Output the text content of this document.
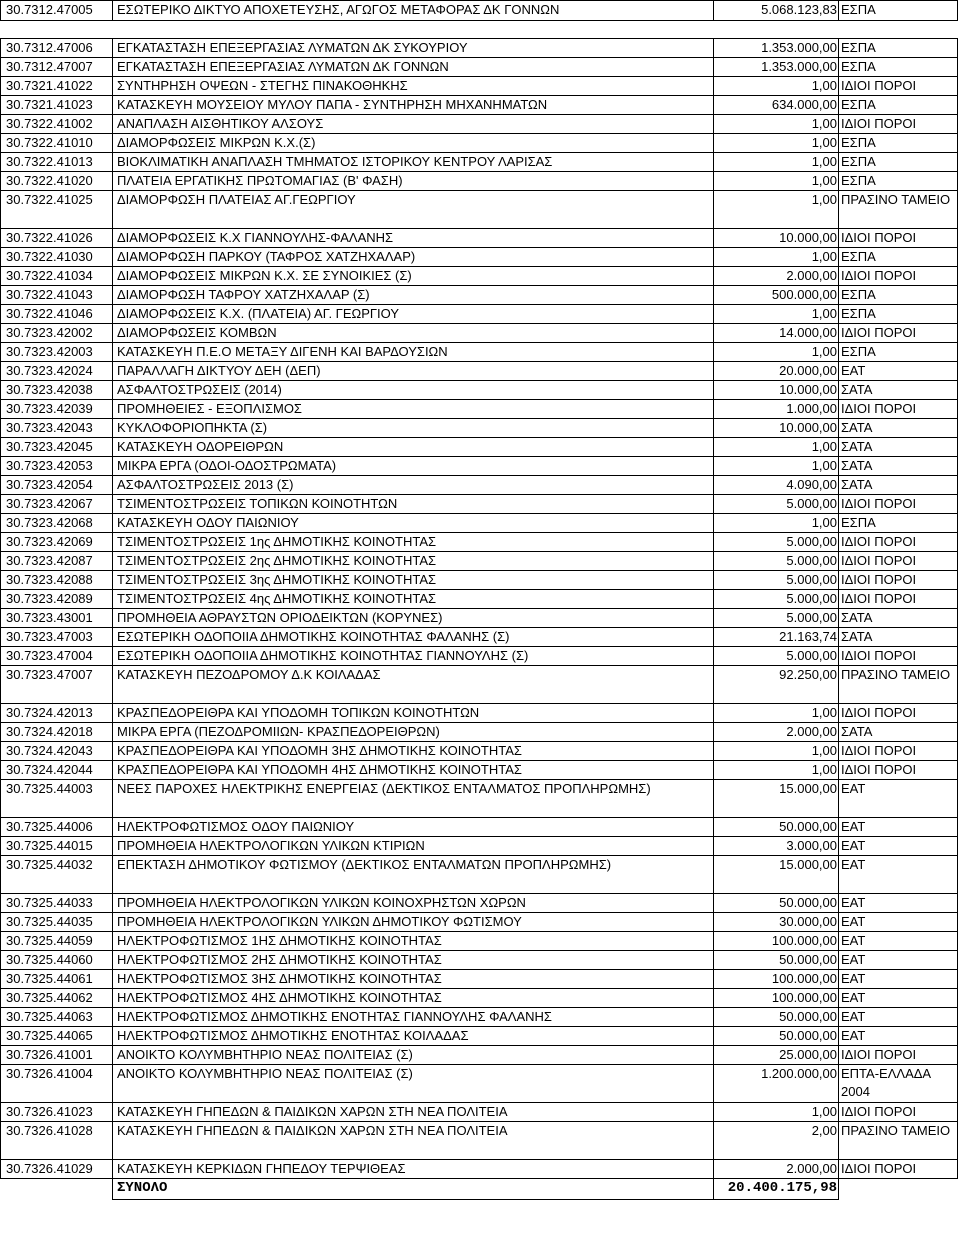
30.7312.47005	ΕΣΩΤΕΡΙΚΟ ΔΙΚΤΥΟ ΑΠΟΧΕΤΕΥΣΗΣ, ΑΓΩΓΟΣ ΜΕΤΑΦΟΡΑΣ ΔΚ ΓΟΝΝΩΝ	5.068.123,83	ΕΣΠΑ
30.7312.47006	ΕΓΚΑΤΑΣΤΑΣΗ ΕΠΕΞΕΡΓΑΣΙΑΣ ΛΥΜΑΤΩΝ ΔΚ ΣΥΚΟΥΡΙΟΥ	1.353.000,00	ΕΣΠΑ
30.7312.47007	ΕΓΚΑΤΑΣΤΑΣΗ ΕΠΕΞΕΡΓΑΣΙΑΣ ΛΥΜΑΤΩΝ ΔΚ ΓΟΝΝΩΝ	1.353.000,00	ΕΣΠΑ
30.7321.41022	ΣΥΝΤΗΡΗΣΗ ΟΨΕΩΝ - ΣΤΕΓΗΣ ΠΙΝΑΚΟΘΗΚΗΣ	1,00	ΙΔΙΟΙ ΠΟΡΟΙ
30.7321.41023	ΚΑΤΑΣΚΕΥΗ ΜΟΥΣΕΙΟΥ ΜΥΛΟΥ ΠΑΠΑ - ΣΥΝΤΗΡΗΣΗ ΜΗΧΑΝΗΜΑΤΩΝ	634.000,00	ΕΣΠΑ
30.7322.41002	ΑΝΑΠΛΑΣΗ ΑΙΣΘΗΤΙΚΟΥ ΑΛΣΟΥΣ	1,00	ΙΔΙΟΙ ΠΟΡΟΙ
30.7322.41010	ΔΙΑΜΟΡΦΩΣΕΙΣ ΜΙΚΡΩΝ Κ.Χ.(Σ)	1,00	ΕΣΠΑ
30.7322.41013	ΒΙΟΚΛΙΜΑΤΙΚΗ ΑΝΑΠΛΑΣΗ ΤΜΗΜΑΤΟΣ ΙΣΤΟΡΙΚΟΥ ΚΕΝΤΡΟΥ ΛΑΡΙΣΑΣ	1,00	ΕΣΠΑ
30.7322.41020	ΠΛΑΤΕΙΑ ΕΡΓΑΤΙΚΗΣ ΠΡΩΤΟΜΑΓΙΑΣ (Β' ΦΑΣΗ)	1,00	ΕΣΠΑ
30.7322.41025	ΔΙΑΜΟΡΦΩΣΗ ΠΛΑΤΕΙΑΣ ΑΓ.ΓΕΩΡΓΙΟΥ	1,00	ΠΡΑΣΙΝΟ ΤΑΜΕΙΟ
30.7322.41026	ΔΙΑΜΟΡΦΩΣΕΙΣ Κ.Χ ΓΙΑΝΝΟΥΛΗΣ-ΦΑΛΑΝΗΣ	10.000,00	ΙΔΙΟΙ ΠΟΡΟΙ
30.7322.41030	ΔΙΑΜΟΡΦΩΣΗ ΠΑΡΚΟΥ (ΤΑΦΡΟΣ ΧΑΤΖΗΧΑΛΑΡ)	1,00	ΕΣΠΑ
30.7322.41034	ΔΙΑΜΟΡΦΩΣΕΙΣ ΜΙΚΡΩΝ Κ.Χ. ΣΕ ΣΥΝΟΙΚΙΕΣ (Σ)	2.000,00	ΙΔΙΟΙ ΠΟΡΟΙ
30.7322.41043	ΔΙΑΜΟΡΦΩΣΗ ΤΑΦΡΟΥ ΧΑΤΖΗΧΑΛΑΡ (Σ)	500.000,00	ΕΣΠΑ
30.7322.41046	ΔΙΑΜΟΡΦΩΣΕΙΣ Κ.Χ. (ΠΛΑΤΕΙΑ) ΑΓ. ΓΕΩΡΓΙΟΥ	1,00	ΕΣΠΑ
30.7323.42002	ΔΙΑΜΟΡΦΩΣΕΙΣ ΚΟΜΒΩΝ	14.000,00	ΙΔΙΟΙ ΠΟΡΟΙ
30.7323.42003	ΚΑΤΑΣΚΕΥΗ Π.Ε.Ο ΜΕΤΑΞΥ ΔΙΓΕΝΗ ΚΑΙ ΒΑΡΔΟΥΣΙΩΝ	1,00	ΕΣΠΑ
30.7323.42024	ΠΑΡΑΛΛΑΓΗ ΔΙΚΤΥΟΥ ΔΕΗ (ΔΕΠ)	20.000,00	ΕΑΤ
30.7323.42038	ΑΣΦΑΛΤΟΣΤΡΩΣΕΙΣ (2014)	10.000,00	ΣΑΤΑ
30.7323.42039	ΠΡΟΜΗΘΕΙΕΣ - ΕΞΟΠΛΙΣΜΟΣ	1.000,00	ΙΔΙΟΙ ΠΟΡΟΙ
30.7323.42043	ΚΥΚΛΟΦΟΡΙΟΠΗΚΤΑ (Σ)	10.000,00	ΣΑΤΑ
30.7323.42045	ΚΑΤΑΣΚΕΥΗ ΟΔΟΡΕΙΘΡΩΝ	1,00	ΣΑΤΑ
30.7323.42053	ΜΙΚΡΑ ΕΡΓΑ (ΟΔΟΙ-ΟΔΟΣΤΡΩΜΑΤΑ)	1,00	ΣΑΤΑ
30.7323.42054	ΑΣΦΑΛΤΟΣΤΡΩΣΕΙΣ 2013 (Σ)	4.090,00	ΣΑΤΑ
30.7323.42067	ΤΣΙΜΕΝΤΟΣΤΡΩΣΕΙΣ ΤΟΠΙΚΩΝ ΚΟΙΝΟΤΗΤΩΝ	5.000,00	ΙΔΙΟΙ ΠΟΡΟΙ
30.7323.42068	ΚΑΤΑΣΚΕΥΗ ΟΔΟΥ ΠΑΙΩΝΙΟΥ	1,00	ΕΣΠΑ
30.7323.42069	ΤΣΙΜΕΝΤΟΣΤΡΩΣΕΙΣ 1ης ΔΗΜΟΤΙΚΗΣ ΚΟΙΝΟΤΗΤΑΣ	5.000,00	ΙΔΙΟΙ ΠΟΡΟΙ
30.7323.42087	ΤΣΙΜΕΝΤΟΣΤΡΩΣΕΙΣ 2ης ΔΗΜΟΤΙΚΗΣ ΚΟΙΝΟΤΗΤΑΣ	5.000,00	ΙΔΙΟΙ ΠΟΡΟΙ
30.7323.42088	ΤΣΙΜΕΝΤΟΣΤΡΩΣΕΙΣ 3ης ΔΗΜΟΤΙΚΗΣ ΚΟΙΝΟΤΗΤΑΣ	5.000,00	ΙΔΙΟΙ ΠΟΡΟΙ
30.7323.42089	ΤΣΙΜΕΝΤΟΣΤΡΩΣΕΙΣ 4ης ΔΗΜΟΤΙΚΗΣ ΚΟΙΝΟΤΗΤΑΣ	5.000,00	ΙΔΙΟΙ ΠΟΡΟΙ
30.7323.43001	ΠΡΟΜΗΘΕΙΑ ΑΘΡΑΥΣΤΩΝ ΟΡΙΟΔΕΙΚΤΩΝ (ΚΟΡΥΝΕΣ)	5.000,00	ΣΑΤΑ
30.7323.47003	ΕΣΩΤΕΡΙΚΗ ΟΔΟΠΟΙΙΑ ΔΗΜΟΤΙΚΗΣ ΚΟΙΝΟΤΗΤΑΣ ΦΑΛΑΝΗΣ (Σ)	21.163,74	ΣΑΤΑ
30.7323.47004	ΕΣΩΤΕΡΙΚΗ ΟΔΟΠΟΙΙΑ ΔΗΜΟΤΙΚΗΣ ΚΟΙΝΟΤΗΤΑΣ ΓΙΑΝΝΟΥΛΗΣ (Σ)	5.000,00	ΙΔΙΟΙ ΠΟΡΟΙ
30.7323.47007	ΚΑΤΑΣΚΕΥΗ ΠΕΖΟΔΡΟΜΟΥ Δ.Κ ΚΟΙΛΑΔΑΣ	92.250,00	ΠΡΑΣΙΝΟ ΤΑΜΕΙΟ
30.7324.42013	ΚΡΑΣΠΕΔΟΡΕΙΘΡΑ ΚΑΙ ΥΠΟΔΟΜΗ ΤΟΠΙΚΩΝ ΚΟΙΝΟΤΗΤΩΝ	1,00	ΙΔΙΟΙ ΠΟΡΟΙ
30.7324.42018	ΜΙΚΡΑ ΕΡΓΑ (ΠΕΖΟΔΡΟΜΙΙΩΝ- ΚΡΑΣΠΕΔΟΡΕΙΘΡΩΝ)	2.000,00	ΣΑΤΑ
30.7324.42043	ΚΡΑΣΠΕΔΟΡΕΙΘΡΑ ΚΑΙ ΥΠΟΔΟΜΗ 3ΗΣ ΔΗΜΟΤΙΚΗΣ ΚΟΙΝΟΤΗΤΑΣ	1,00	ΙΔΙΟΙ ΠΟΡΟΙ
30.7324.42044	ΚΡΑΣΠΕΔΟΡΕΙΘΡΑ ΚΑΙ ΥΠΟΔΟΜΗ 4ΗΣ ΔΗΜΟΤΙΚΗΣ ΚΟΙΝΟΤΗΤΑΣ	1,00	ΙΔΙΟΙ ΠΟΡΟΙ
30.7325.44003	ΝΕΕΣ ΠΑΡΟΧΕΣ ΗΛΕΚΤΡΙΚΗΣ ΕΝΕΡΓΕΙΑΣ (ΔΕΚΤΙΚΟΣ ΕΝΤΑΛΜΑΤΟΣ ΠΡΟΠΛΗΡΩΜΗΣ)	15.000,00	ΕΑΤ
30.7325.44006	ΗΛΕΚΤΡΟΦΩΤΙΣΜΟΣ ΟΔΟΥ ΠΑΙΩΝΙΟΥ	50.000,00	ΕΑΤ
30.7325.44015	ΠΡΟΜΗΘΕΙΑ ΗΛΕΚΤΡΟΛΟΓΙΚΩΝ ΥΛΙΚΩΝ ΚΤΙΡΙΩΝ	3.000,00	ΕΑΤ
30.7325.44032	ΕΠΕΚΤΑΣΗ ΔΗΜΟΤΙΚΟΥ ΦΩΤΙΣΜΟΥ (ΔΕΚΤΙΚΟΣ ΕΝΤΑΛΜΑΤΩΝ ΠΡΟΠΛΗΡΩΜΗΣ)	15.000,00	ΕΑΤ
30.7325.44033	ΠΡΟΜΗΘΕΙΑ ΗΛΕΚΤΡΟΛΟΓΙΚΩΝ ΥΛΙΚΩΝ ΚΟΙΝΟΧΡΗΣΤΩΝ ΧΩΡΩΝ	50.000,00	ΕΑΤ
30.7325.44035	ΠΡΟΜΗΘΕΙΑ ΗΛΕΚΤΡΟΛΟΓΙΚΩΝ ΥΛΙΚΩΝ ΔΗΜΟΤΙΚΟΥ ΦΩΤΙΣΜΟΥ	30.000,00	ΕΑΤ
30.7325.44059	ΗΛΕΚΤΡΟΦΩΤΙΣΜΟΣ 1ΗΣ ΔΗΜΟΤΙΚΗΣ ΚΟΙΝΟΤΗΤΑΣ	100.000,00	ΕΑΤ
30.7325.44060	ΗΛΕΚΤΡΟΦΩΤΙΣΜΟΣ 2ΗΣ ΔΗΜΟΤΙΚΗΣ ΚΟΙΝΟΤΗΤΑΣ	50.000,00	ΕΑΤ
30.7325.44061	ΗΛΕΚΤΡΟΦΩΤΙΣΜΟΣ 3ΗΣ ΔΗΜΟΤΙΚΗΣ ΚΟΙΝΟΤΗΤΑΣ	100.000,00	ΕΑΤ
30.7325.44062	ΗΛΕΚΤΡΟΦΩΤΙΣΜΟΣ 4ΗΣ ΔΗΜΟΤΙΚΗΣ ΚΟΙΝΟΤΗΤΑΣ	100.000,00	ΕΑΤ
30.7325.44063	ΗΛΕΚΤΡΟΦΩΤΙΣΜΟΣ ΔΗΜΟΤΙΚΗΣ ΕΝΟΤΗΤΑΣ ΓΙΑΝΝΟΥΛΗΣ ΦΑΛΑΝΗΣ	50.000,00	ΕΑΤ
30.7325.44065	ΗΛΕΚΤΡΟΦΩΤΙΣΜΟΣ ΔΗΜΟΤΙΚΗΣ ΕΝΟΤΗΤΑΣ ΚΟΙΛΑΔΑΣ	50.000,00	ΕΑΤ
30.7326.41001	ΑΝΟΙΚΤΟ ΚΟΛΥΜΒΗΤΗΡΙΟ ΝΕΑΣ ΠΟΛΙΤΕΙΑΣ (Σ)	25.000,00	ΙΔΙΟΙ ΠΟΡΟΙ
30.7326.41004	ΑΝΟΙΚΤΟ ΚΟΛΥΜΒΗΤΗΡΙΟ ΝΕΑΣ ΠΟΛΙΤΕΙΑΣ (Σ)	1.200.000,00	ΕΠΤΑ-ΕΛΛΑΔΑ 2004
30.7326.41023	ΚΑΤΑΣΚΕΥΗ ΓΗΠΕΔΩΝ & ΠΑΙΔΙΚΩΝ ΧΑΡΩΝ ΣΤΗ ΝΕΑ ΠΟΛΙΤΕΙΑ	1,00	ΙΔΙΟΙ ΠΟΡΟΙ
30.7326.41028	ΚΑΤΑΣΚΕΥΗ ΓΗΠΕΔΩΝ & ΠΑΙΔΙΚΩΝ ΧΑΡΩΝ ΣΤΗ ΝΕΑ ΠΟΛΙΤΕΙΑ	2,00	ΠΡΑΣΙΝΟ ΤΑΜΕΙΟ
30.7326.41029	ΚΑΤΑΣΚΕΥΗ ΚΕΡΚΙΔΩΝ ΓΗΠΕΔΟΥ ΤΕΡΨΙΘΕΑΣ	2.000,00	ΙΔΙΟΙ ΠΟΡΟΙ
	ΣΥΝΟΛΟ	20.400.175,98	
